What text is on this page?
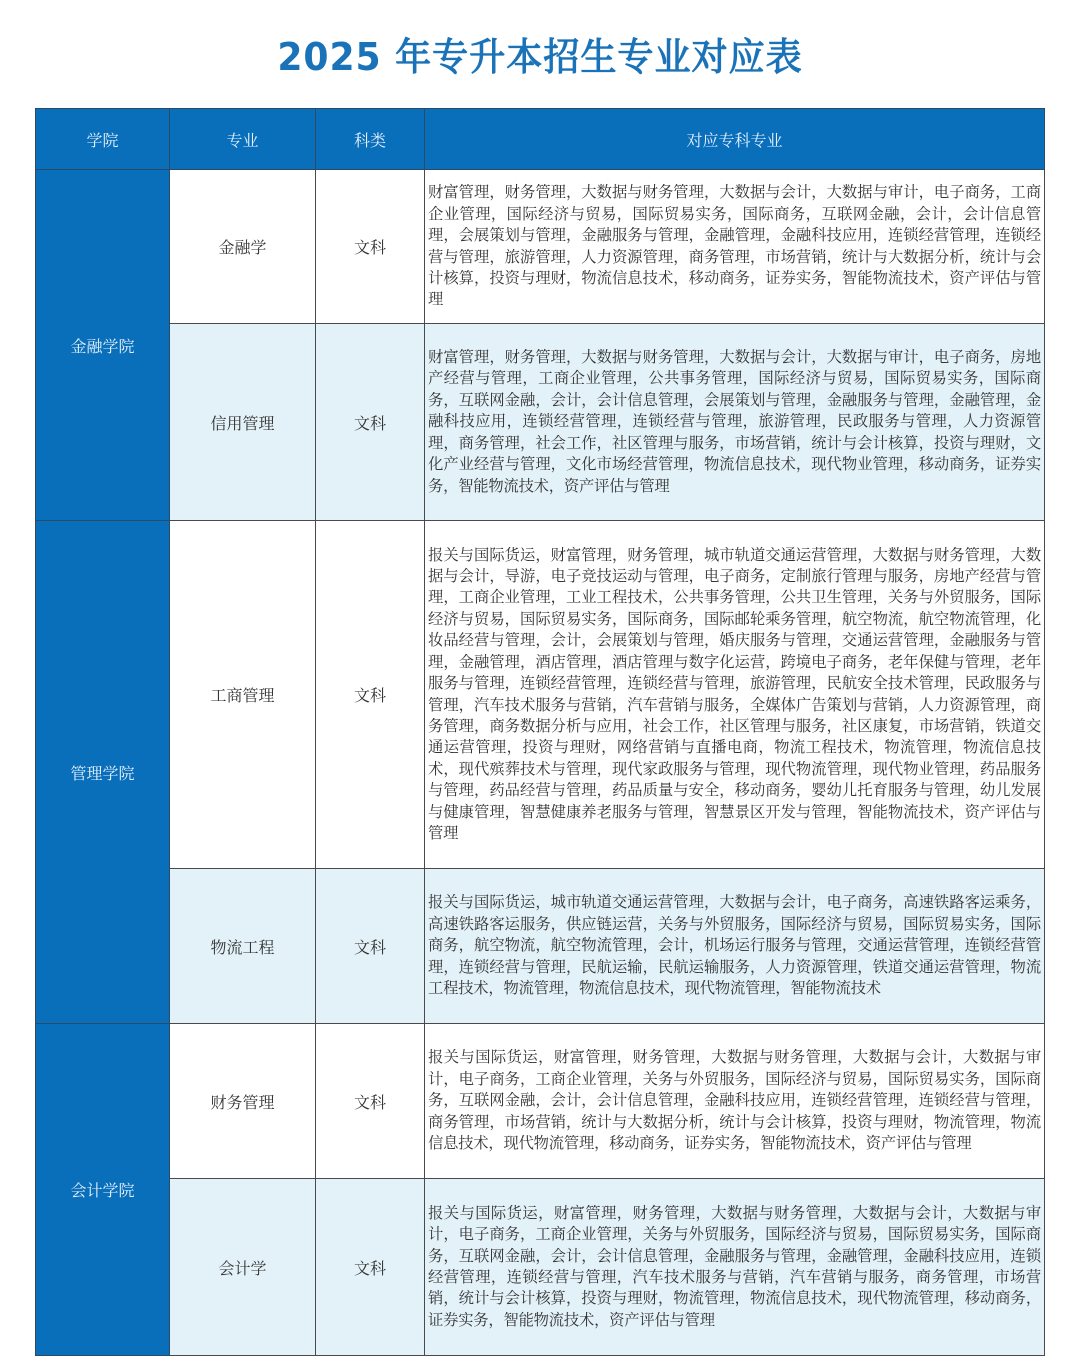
2025 年专升本招生专业对应表
学院	专业	科类	对应专科专业
金融学院	金融学	文科	财富管理，财务管理，大数据与财务管理，大数据与会计，大数据与审计，电子商务，工商企业管理，国际经济与贸易，国际贸易实务，国际商务，互联网金融，会计，会计信息管理，会展策划与管理，金融服务与管理，金融管理，金融科技应用，连锁经营管理，连锁经营与管理，旅游管理，人力资源管理，商务管理，市场营销，统计与大数据分析，统计与会计核算，投资与理财，物流信息技术，移动商务，证券实务，智能物流技术，资产评估与管理
	信用管理	文科	财富管理，财务管理，大数据与财务管理，大数据与会计，大数据与审计，电子商务，房地产经营与管理，工商企业管理，公共事务管理，国际经济与贸易，国际贸易实务，国际商务，互联网金融，会计，会计信息管理，会展策划与管理，金融服务与管理，金融管理，金融科技应用，连锁经营管理，连锁经营与管理，旅游管理，民政服务与管理，人力资源管理，商务管理，社会工作，社区管理与服务，市场营销，统计与会计核算，投资与理财，文化产业经营与管理，文化市场经营管理，物流信息技术，现代物业管理，移动商务，证券实务，智能物流技术，资产评估与管理
管理学院	工商管理	文科	报关与国际货运，财富管理，财务管理，城市轨道交通运营管理，大数据与财务管理，大数据与会计，导游，电子竞技运动与管理，电子商务，定制旅行管理与服务，房地产经营与管理，工商企业管理，工业工程技术，公共事务管理，公共卫生管理，关务与外贸服务，国际经济与贸易，国际贸易实务，国际商务，国际邮轮乘务管理，航空物流，航空物流管理，化妆品经营与管理，会计，会展策划与管理，婚庆服务与管理，交通运营管理，金融服务与管理，金融管理，酒店管理，酒店管理与数字化运营，跨境电子商务，老年保健与管理，老年服务与管理，连锁经营管理，连锁经营与管理，旅游管理，民航安全技术管理，民政服务与管理，汽车技术服务与营销，汽车营销与服务，全媒体广告策划与营销，人力资源管理，商务管理，商务数据分析与应用，社会工作，社区管理与服务，社区康复，市场营销，铁道交通运营管理，投资与理财，网络营销与直播电商，物流工程技术，物流管理，物流信息技术，现代殡葬技术与管理，现代家政服务与管理，现代物流管理，现代物业管理，药品服务与管理，药品经营与管理，药品质量与安全，移动商务，婴幼儿托育服务与管理，幼儿发展与健康管理，智慧健康养老服务与管理，智慧景区开发与管理，智能物流技术，资产评估与管理
	物流工程	文科	报关与国际货运，城市轨道交通运营管理，大数据与会计，电子商务，高速铁路客运乘务，高速铁路客运服务，供应链运营，关务与外贸服务，国际经济与贸易，国际贸易实务，国际商务，航空物流，航空物流管理，会计，机场运行服务与管理，交通运营管理，连锁经营管理，连锁经营与管理，民航运输，民航运输服务，人力资源管理，铁道交通运营管理，物流工程技术，物流管理，物流信息技术，现代物流管理，智能物流技术
会计学院	财务管理	文科	报关与国际货运，财富管理，财务管理，大数据与财务管理，大数据与会计，大数据与审计，电子商务，工商企业管理，关务与外贸服务，国际经济与贸易，国际贸易实务，国际商务，互联网金融，会计，会计信息管理，金融科技应用，连锁经营管理，连锁经营与管理，商务管理，市场营销，统计与大数据分析，统计与会计核算，投资与理财，物流管理，物流信息技术，现代物流管理，移动商务，证券实务，智能物流技术，资产评估与管理
	会计学	文科	报关与国际货运，财富管理，财务管理，大数据与财务管理，大数据与会计，大数据与审计，电子商务，工商企业管理，关务与外贸服务，国际经济与贸易，国际贸易实务，国际商务，互联网金融，会计，会计信息管理，金融服务与管理，金融管理，金融科技应用，连锁经营管理，连锁经营与管理，汽车技术服务与营销，汽车营销与服务，商务管理，市场营销，统计与会计核算，投资与理财，物流管理，物流信息技术，现代物流管理，移动商务，证券实务，智能物流技术，资产评估与管理
